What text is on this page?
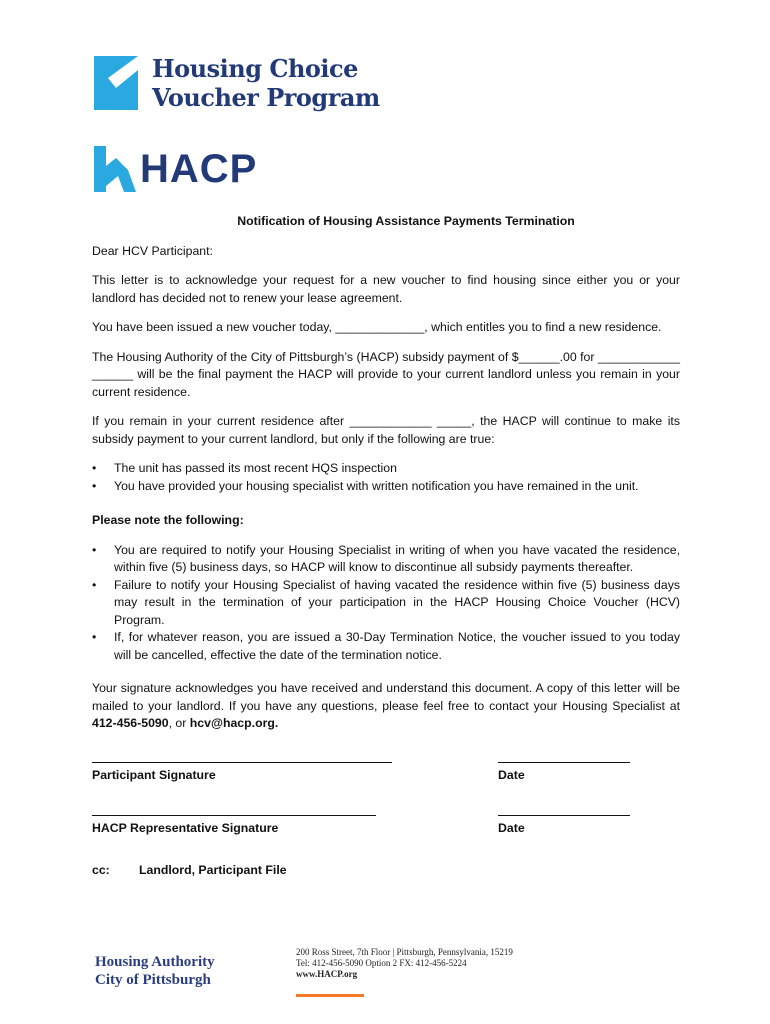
Housing Choice
Voucher Program
HACP
Notification of Housing Assistance Payments Termination

Dear HCV Participant:

This letter is to acknowledge your request for a new voucher to find housing since either you or your landlord has decided not to renew your lease agreement.

You have been issued a new voucher today, _____________, which entitles you to find a new residence.

The Housing Authority of the City of Pittsburgh’s (HACP) subsidy payment of $______.00 for ____________ ______ will be the final payment the HACP will provide to your current landlord unless you remain in your current residence.

If you remain in your current residence after ____________ _____, the HACP will continue to make its subsidy payment to your current landlord, but only if the following are true:

• The unit has passed its most recent HQS inspection
• You have provided your housing specialist with written notification you have remained in the unit.

Please note the following:

• You are required to notify your Housing Specialist in writing of when you have vacated the residence, within five (5) business days, so HACP will know to discontinue all subsidy payments thereafter.
• Failure to notify your Housing Specialist of having vacated the residence within five (5) business days may result in the termination of your participation in the HACP Housing Choice Voucher (HCV) Program.
• If, for whatever reason, you are issued a 30-Day Termination Notice, the voucher issued to you today will be cancelled, effective the date of the termination notice.

Your signature acknowledges you have received and understand this document. A copy of this letter will be mailed to your landlord. If you have any questions, please feel free to contact your Housing Specialist at 412-456-5090, or hcv@hacp.org.

Participant Signature	Date
HACP Representative Signature	Date
cc:	Landlord, Participant File
Housing Authority
City of Pittsburgh
200 Ross Street, 7th Floor | Pittsburgh, Pennsylvania, 15219
Tel: 412-456-5090 Option 2 FX: 412-456-5224
www.HACP.org
